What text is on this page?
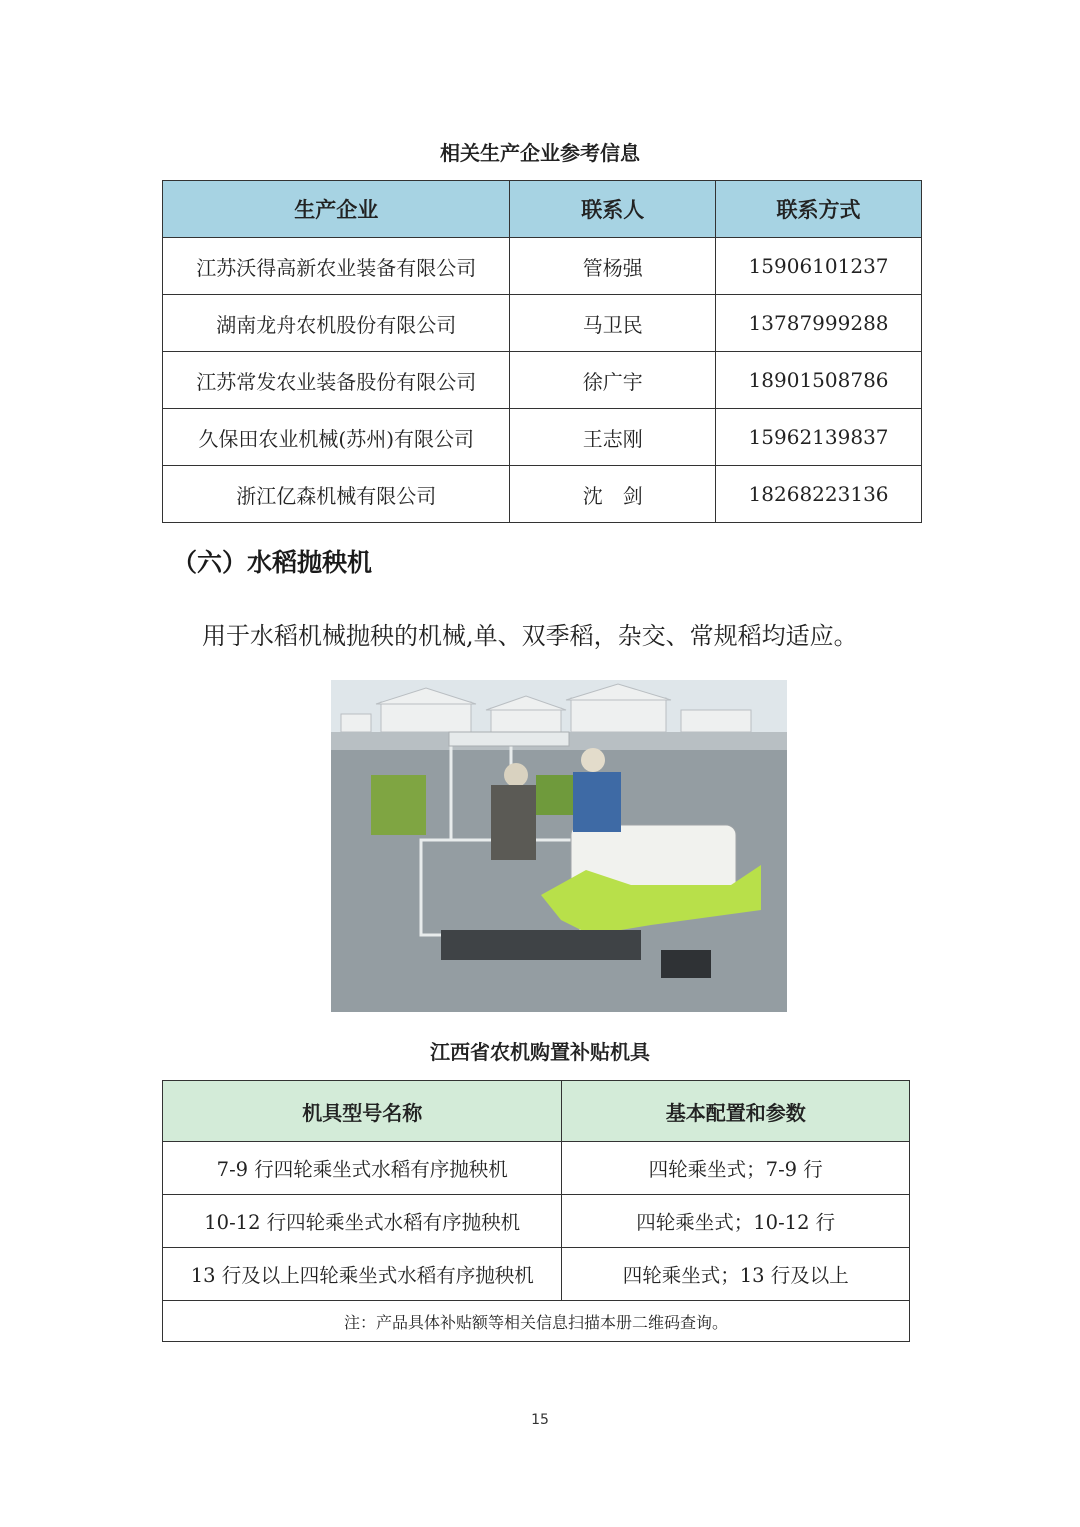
相关生产企业参考信息
生产企业	联系人	联系方式
江苏沃得高新农业装备有限公司	管杨强	15906101237
湖南龙舟农机股份有限公司	马卫民	13787999288
江苏常发农业装备股份有限公司	徐广宇	18901508786
久保田农业机械(苏州)有限公司	王志刚	15962139837
浙江亿森机械有限公司	沈　剑	18268223136
（六）水稻抛秧机
用于水稻机械抛秧的机械,单、双季稻，杂交、常规稻均适应。
江西省农机购置补贴机具
机具型号名称	基本配置和参数
7-9 行四轮乘坐式水稻有序抛秧机	四轮乘坐式；7-9 行
10-12 行四轮乘坐式水稻有序抛秧机	四轮乘坐式；10-12 行
13 行及以上四轮乘坐式水稻有序抛秧机	四轮乘坐式；13 行及以上
注：产品具体补贴额等相关信息扫描本册二维码查询。	
15
